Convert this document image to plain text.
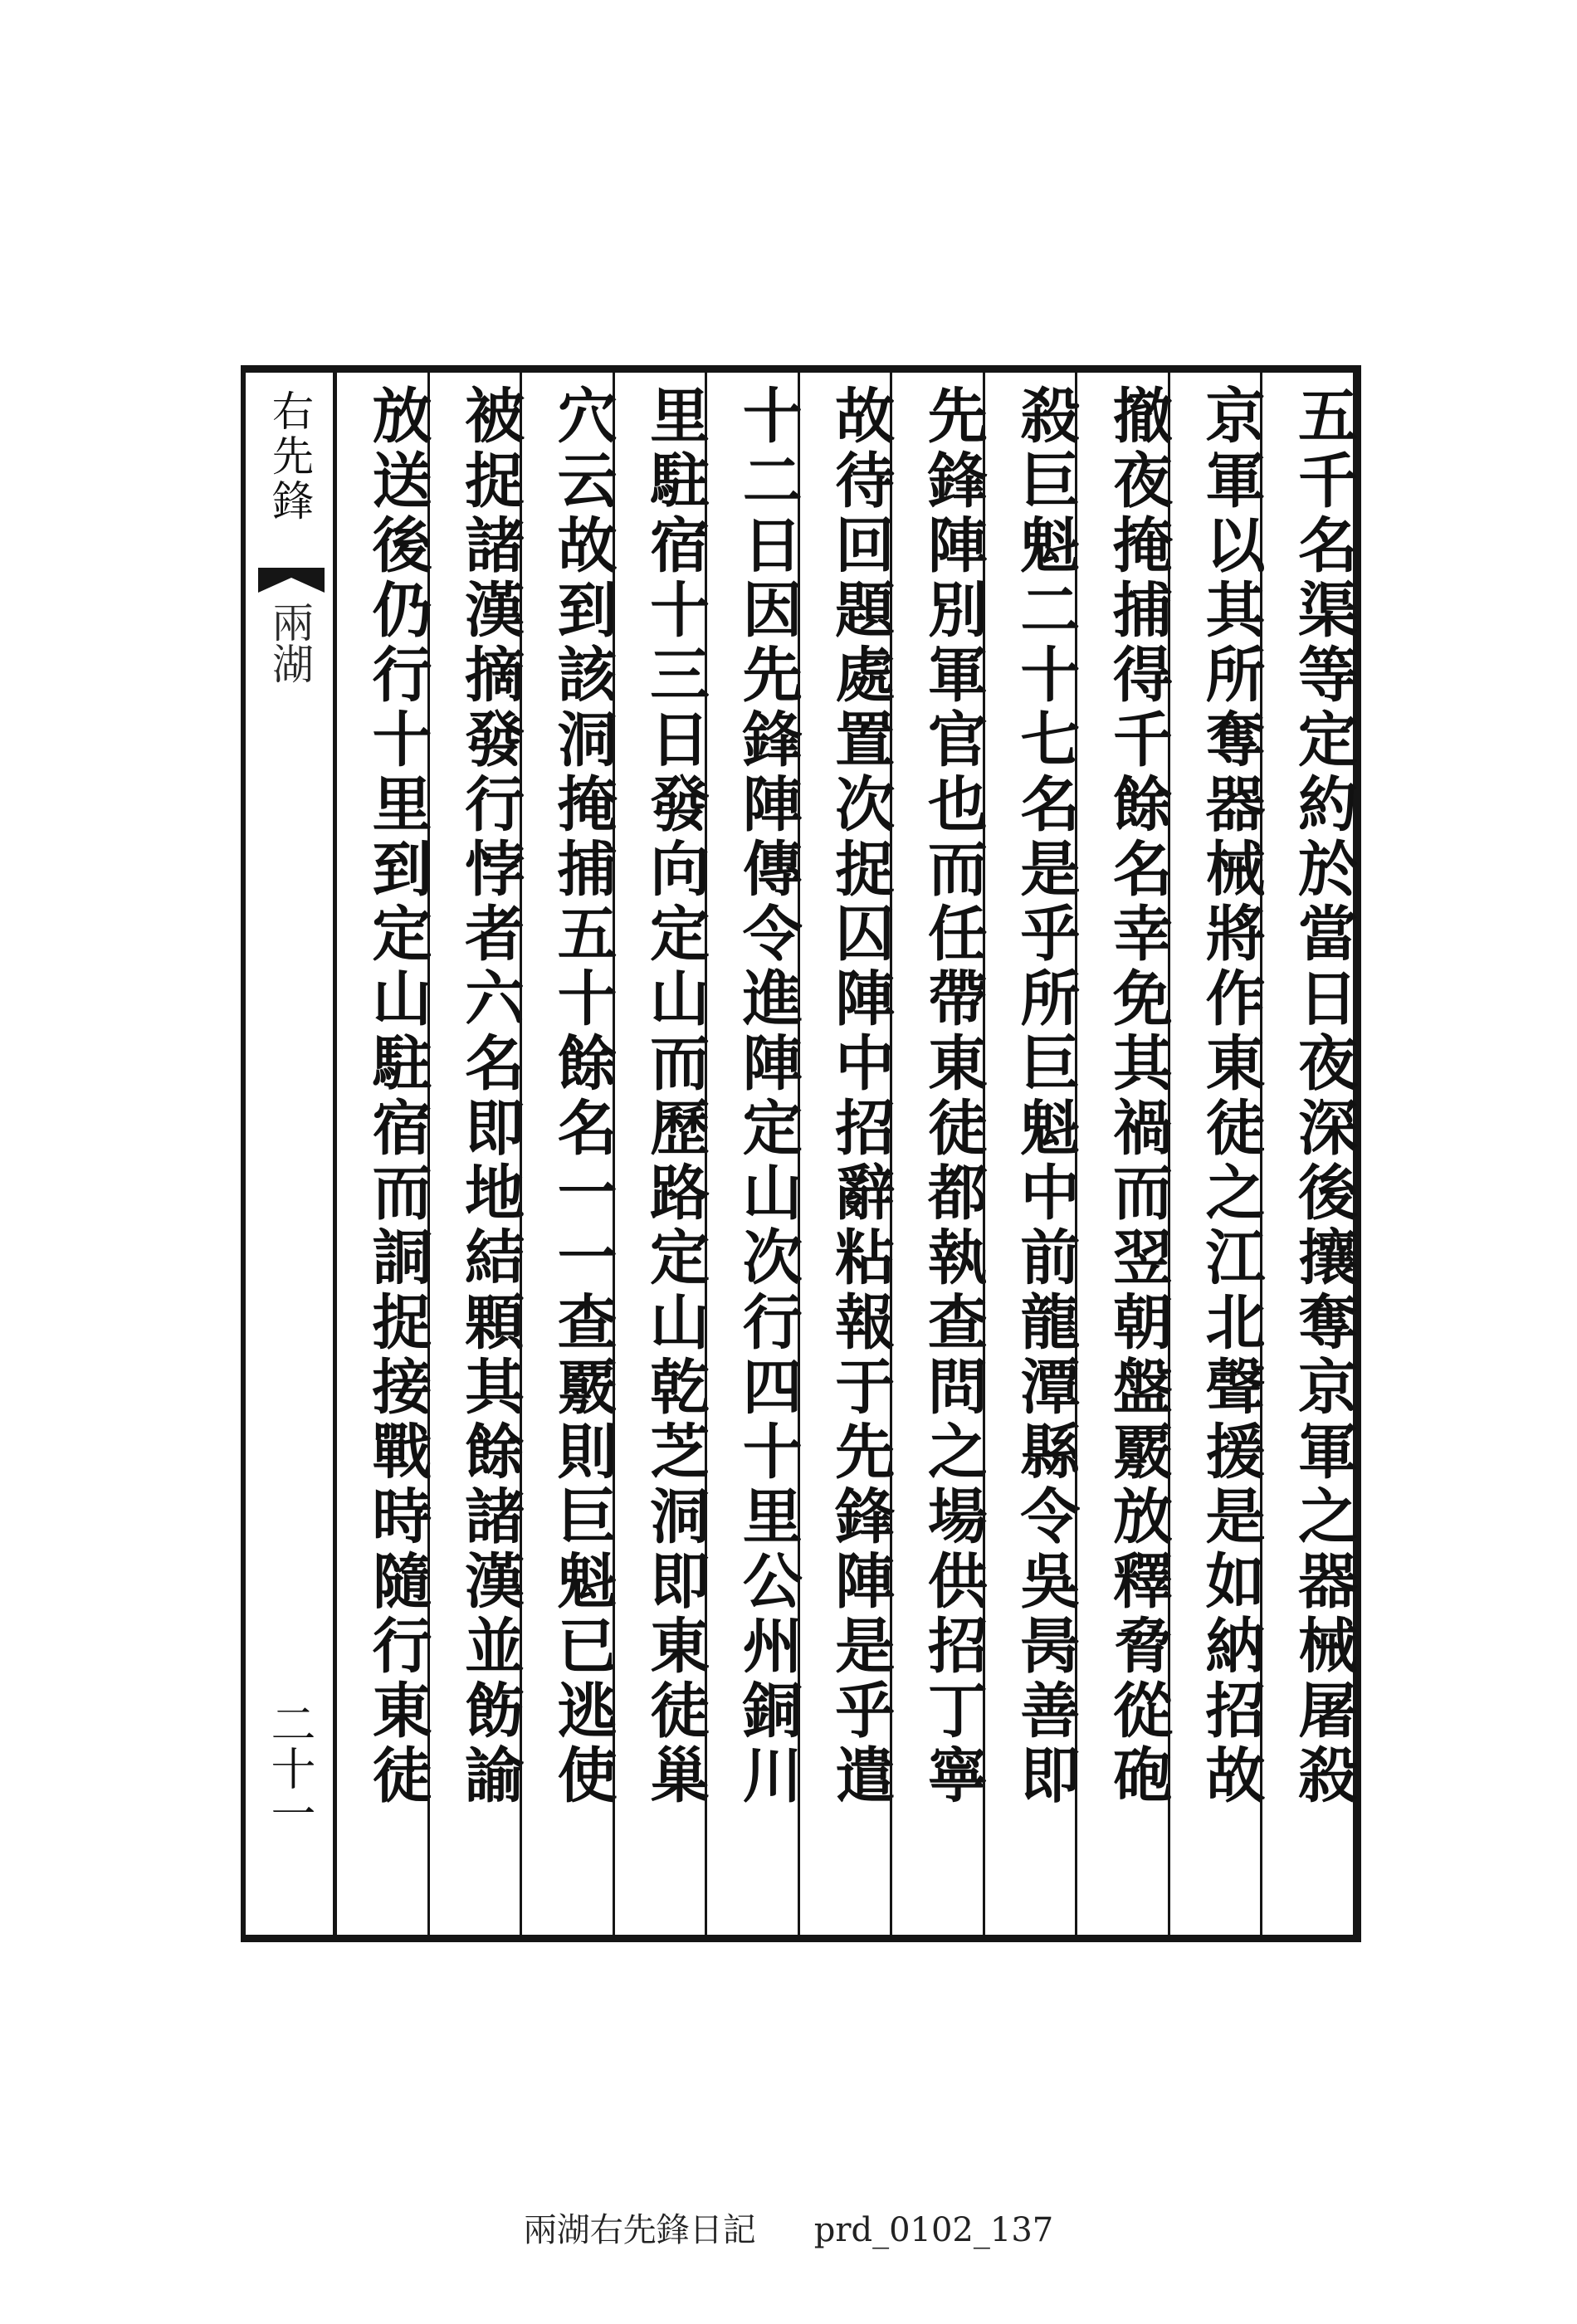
右先鋒
兩湖
二十一	五千名渠等定約於當日夜深後攘奪京軍之器械屠殺
京軍以其所奪器械將作東徒之江北聲援是如納招故
撤夜掩捕得千餘名幸免其禍而翌朝盤覈放釋脅從砲
殺巨魁二十七名是乎所巨魁中前龍潭縣令吳昺善即
先鋒陣別軍官也而任帶東徒都執查問之場供招丁寧
故待回題處置次捉囚陣中招辭粘報于先鋒陣是乎遣
十二日因先鋒陣傳令進陣定山次行四十里公州銅川
里駐宿十三日發向定山而歷路定山乾芝洞即東徒巢
穴云故到該洞掩捕五十餘名一一查覈則巨魁已逃使
被捉諸漢摘發行悖者六名即地結顆其餘諸漢並飭諭
放送後仍行十里到定山駐宿而詷捉接戰時隨行東徒
兩湖右先鋒日記 prd_0102_137
